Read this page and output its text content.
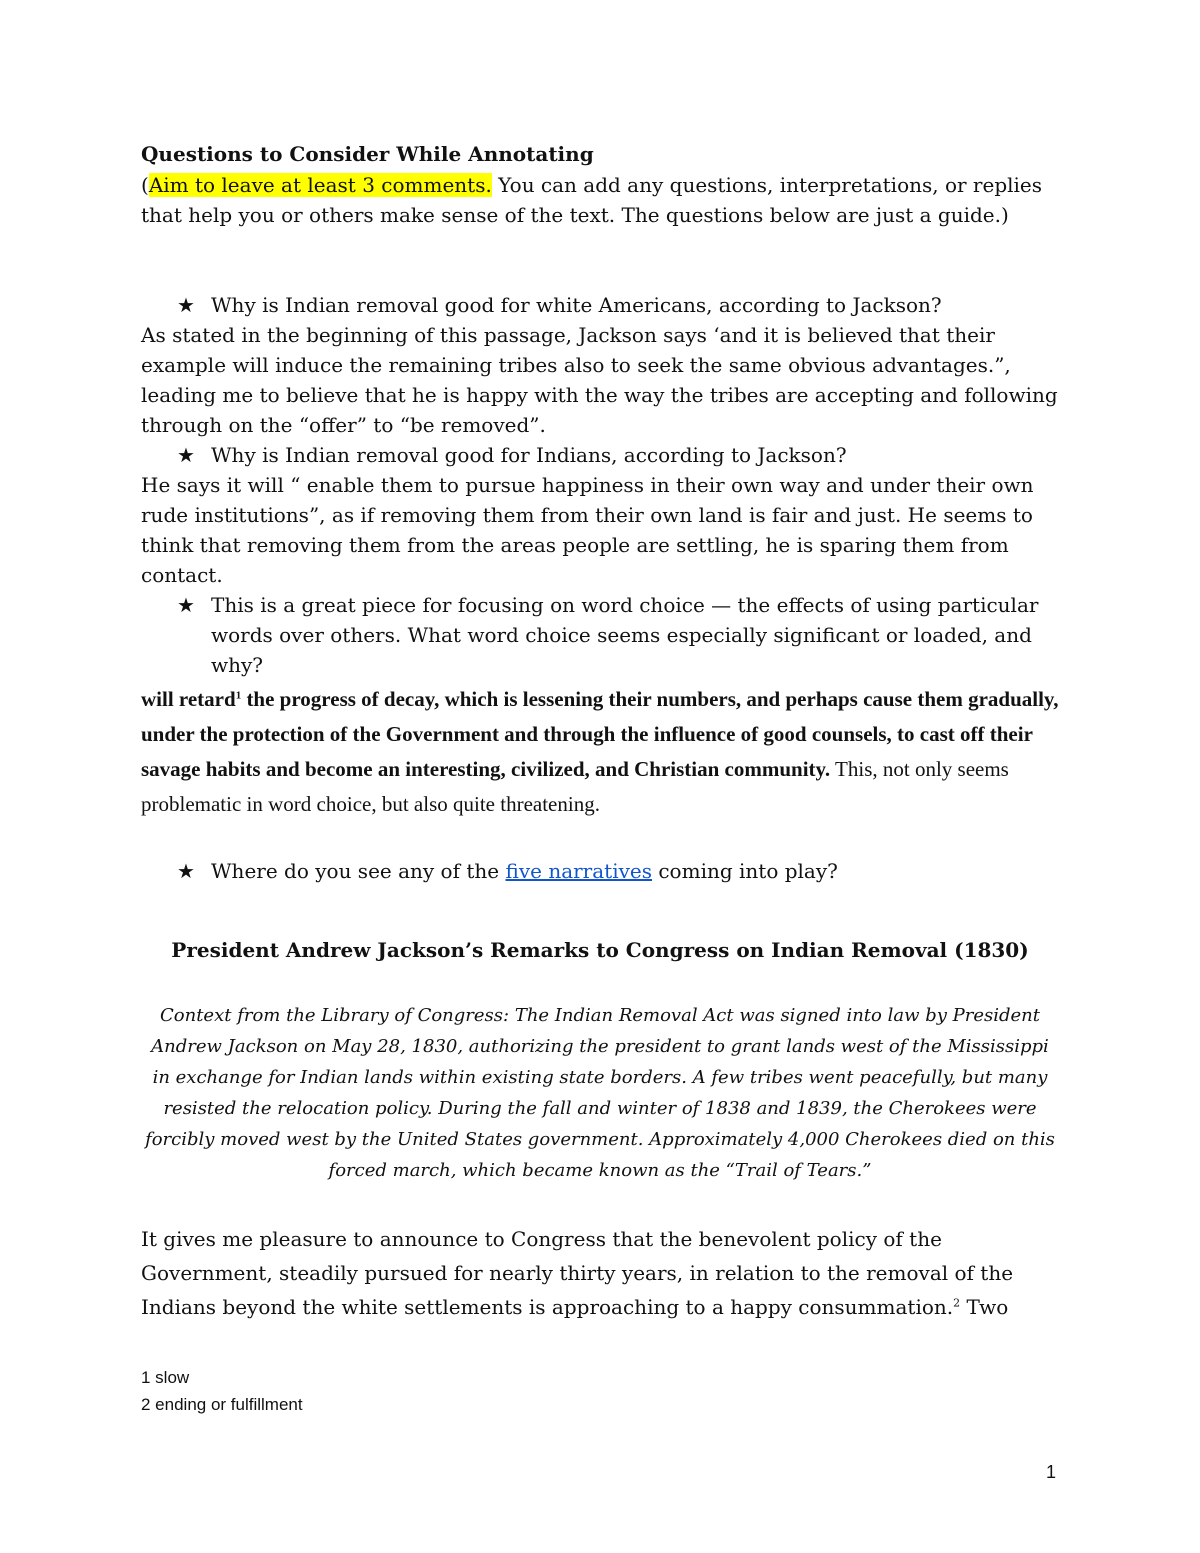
Questions to Consider While Annotating
(Aim to leave at least 3 comments. You can add any questions, interpretations, or replies that help you or others make sense of the text. The questions below are just a guide.)
★ Why is Indian removal good for white Americans, according to Jackson?
As stated in the beginning of this passage, Jackson says ‘and it is believed that their example will induce the remaining tribes also to seek the same obvious advantages.”, leading me to believe that he is happy with the way the tribes are accepting and following through on the “offer” to “be removed”.
★ Why is Indian removal good for Indians, according to Jackson?
He says it will “ enable them to pursue happiness in their own way and under their own rude institutions”, as if removing them from their own land is fair and just. He seems to think that removing them from the areas people are settling, he is sparing them from contact.
★ This is a great piece for focusing on word choice — the effects of using particular words over others. What word choice seems especially significant or loaded, and why?
will retard$^1$ the progress of decay, which is lessening their numbers, and perhaps cause them gradually, under the protection of the Government and through the influence of good counsels, to cast off their savage habits and become an interesting, civilized, and Christian community. This, not only seems problematic in word choice, but also quite threatening.
★ Where do you see any of the five narratives coming into play?
President Andrew Jackson’s Remarks to Congress on Indian Removal (1830)
Context from the Library of Congress: The Indian Removal Act was signed into law by President Andrew Jackson on May 28, 1830, authorizing the president to grant lands west of the Mississippi in exchange for Indian lands within existing state borders. A few tribes went peacefully, but many resisted the relocation policy. During the fall and winter of 1838 and 1839, the Cherokees were forcibly moved west by the United States government. Approximately 4,000 Cherokees died on this forced march, which became known as the “Trail of Tears.”
It gives me pleasure to announce to Congress that the benevolent policy of the Government, steadily pursued for nearly thirty years, in relation to the removal of the Indians beyond the white settlements is approaching to a happy consummation.$^2$ Two
1 slow
2 ending or fulfillment
1
